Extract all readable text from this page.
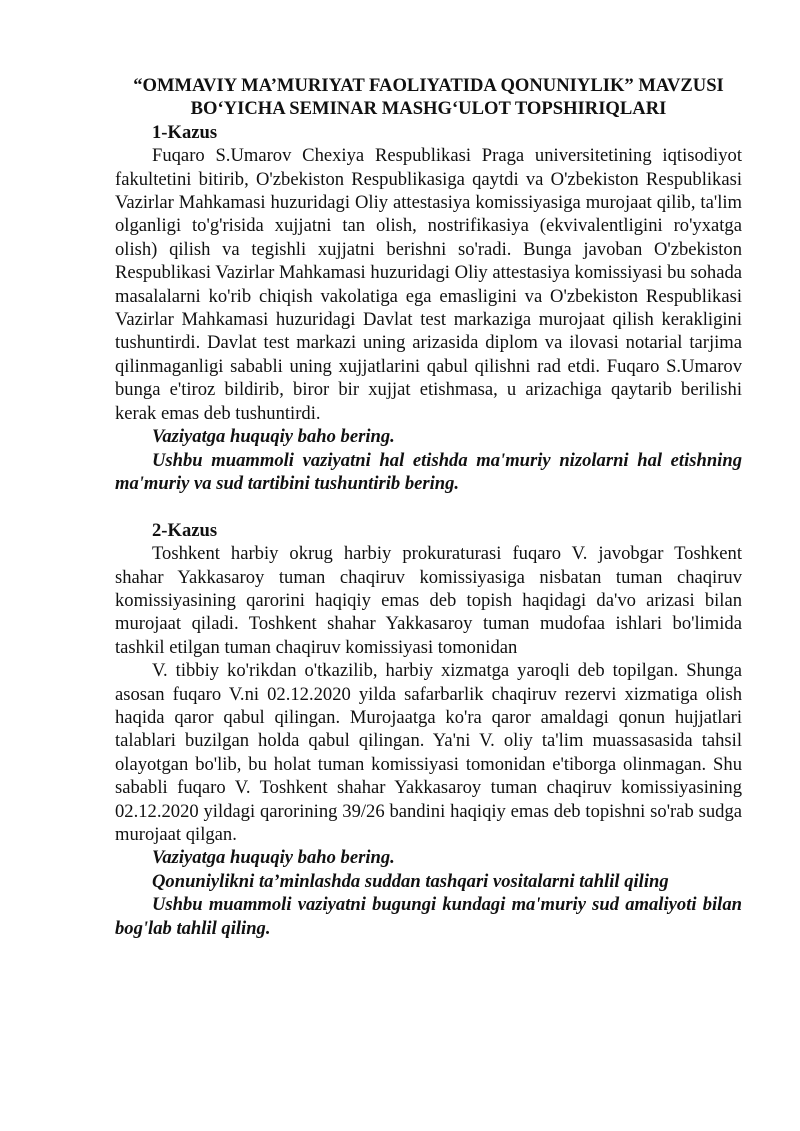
“OMMAVIY MA’MURIYAT FAOLIYATIDA QONUNIYLIK” MAVZUSI
BO‘YICHA SEMINAR MASHG‘ULOT TOPSHIRIQLARI

1-Kazus

Fuqaro S.Umarov Chexiya Respublikasi Praga universitetining iqtisodiyot fakultetini bitirib, O'zbekiston Respublikasiga qaytdi va O'zbekiston Respublikasi Vazirlar Mahkamasi huzuridagi Oliy attestasiya komissiyasiga murojaat qilib, ta'lim olganligi to'g'risida xujjatni tan olish, nostrifikasiya (ekvivalentligini ro'yxatga olish) qilish va tegishli xujjatni berishni so'radi. Bunga javoban O'zbekiston Respublikasi Vazirlar Mahkamasi huzuridagi Oliy attestasiya komissiyasi bu sohada masalalarni ko'rib chiqish vakolatiga ega emasligini va O'zbekiston Respublikasi Vazirlar Mahkamasi huzuridagi Davlat test markaziga murojaat qilish kerakligini tushuntirdi. Davlat test markazi uning arizasida diplom va ilovasi notarial tarjima qilinmaganligi sababli uning xujjatlarini qabul qilishni rad etdi. Fuqaro S.Umarov bunga e'tiroz bildirib, biror bir xujjat etishmasa, u arizachiga qaytarib berilishi kerak emas deb tushuntirdi.

Vaziyatga huquqiy baho bering.

Ushbu muammoli vaziyatni hal etishda ma'muriy nizolarni hal etishning ma'muriy va sud tartibini tushuntirib bering.

2-Kazus

Toshkent harbiy okrug harbiy prokuraturasi fuqaro V. javobgar Toshkent shahar Yakkasaroy tuman chaqiruv komissiyasiga nisbatan tuman chaqiruv komissiyasining qarorini haqiqiy emas deb topish haqidagi da'vo arizasi bilan murojaat qiladi. Toshkent shahar Yakkasaroy tuman mudofaa ishlari bo'limida tashkil etilgan tuman chaqiruv komissiyasi tomonidan

V. tibbiy ko'rikdan o'tkazilib, harbiy xizmatga yaroqli deb topilgan. Shunga asosan fuqaro V.ni 02.12.2020 yilda safarbarlik chaqiruv rezervi xizmatiga olish haqida qaror qabul qilingan. Murojaatga ko'ra qaror amaldagi qonun hujjatlari talablari buzilgan holda qabul qilingan. Ya'ni V. oliy ta'lim muassasasida tahsil olayotgan bo'lib, bu holat tuman komissiyasi tomonidan e'tiborga olinmagan. Shu sababli fuqaro V. Toshkent shahar Yakkasaroy tuman chaqiruv komissiyasining 02.12.2020 yildagi qarorining 39/26 bandini haqiqiy emas deb topishni so'rab sudga murojaat qilgan.

Vaziyatga huquqiy baho bering.

Qonuniylikni ta’minlashda suddan tashqari vositalarni tahlil qiling

Ushbu muammoli vaziyatni bugungi kundagi ma'muriy sud amaliyoti bilan bog'lab tahlil qiling.
